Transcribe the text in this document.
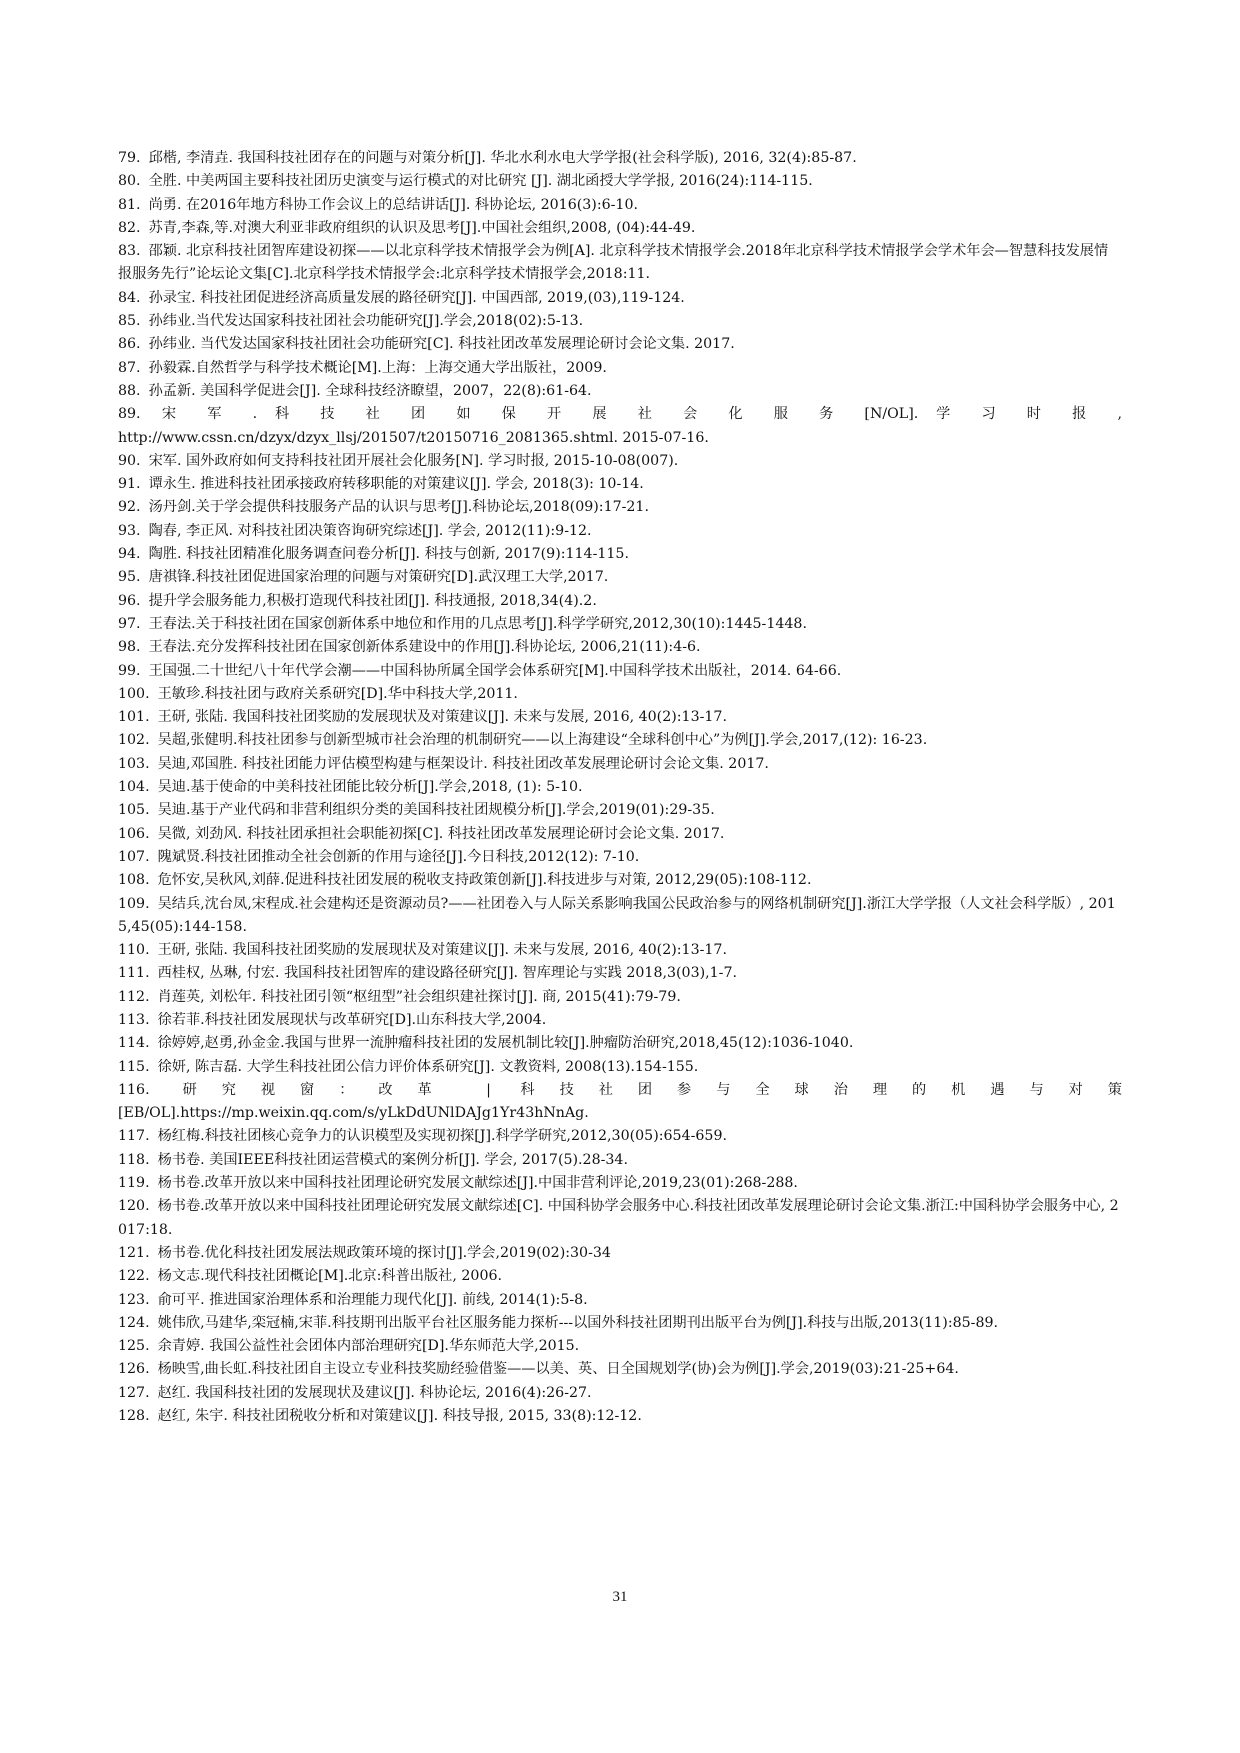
79. 邱楷, 李清垚. 我国科技社团存在的问题与对策分析[J]. 华北水利水电大学学报(社会科学版), 2016, 32(4):85-87.

80. 全胜. 中美两国主要科技社团历史演变与运行模式的对比研究 [J]. 湖北函授大学学报, 2016(24):114-115.

81. 尚勇. 在2016年地方科协工作会议上的总结讲话[J]. 科协论坛, 2016(3):6-10.

82. 苏青,李森,等.对澳大利亚非政府组织的认识及思考[J].中国社会组织,2008, (04):44-49.

83. 邵颖. 北京科技社团智库建设初探——以北京科学技术情报学会为例[A]. 北京科学技术情报学会.2018年北京科学技术情报学会学术年会—智慧科技发展情报服务先行”论坛论文集[C].北京科学技术情报学会:北京科学技术情报学会,2018:11.

84. 孙录宝. 科技社团促进经济高质量发展的路径研究[J]. 中国西部, 2019,(03),119-124.

85. 孙纬业.当代发达国家科技社团社会功能研究[J].学会,2018(02):5-13.

86. 孙纬业. 当代发达国家科技社团社会功能研究[C]. 科技社团改革发展理论研讨会论文集. 2017.

87. 孙毅霖.自然哲学与科学技术概论[M].上海：上海交通大学出版社，2009.

88. 孙孟新. 美国科学促进会[J]. 全球科技经济瞭望，2007，22(8):61-64.

89. 宋 军 . 科 技 社 团 如 保 开 展 社 会 化 服 务 [N/OL]. 学 习 时 报 ,

http://www.cssn.cn/dzyx/dzyx_llsj/201507/t20150716_2081365.shtml. 2015-07-16.

90. 宋军. 国外政府如何支持科技社团开展社会化服务[N]. 学习时报, 2015-10-08(007).

91. 谭永生. 推进科技社团承接政府转移职能的对策建议[J]. 学会, 2018(3): 10-14.

92. 汤丹剑.关于学会提供科技服务产品的认识与思考[J].科协论坛,2018(09):17-21.

93. 陶春, 李正风. 对科技社团决策咨询研究综述[J]. 学会, 2012(11):9-12.

94. 陶胜. 科技社团精准化服务调查问卷分析[J]. 科技与创新, 2017(9):114-115.

95. 唐祺锋.科技社团促进国家治理的问题与对策研究[D].武汉理工大学,2017.

96. 提升学会服务能力,积极打造现代科技社团[J]. 科技通报, 2018,34(4).2.

97. 王春法.关于科技社团在国家创新体系中地位和作用的几点思考[J].科学学研究,2012,30(10):1445-1448.

98. 王春法.充分发挥科技社团在国家创新体系建设中的作用[J].科协论坛, 2006,21(11):4-6.

99. 王国强.二十世纪八十年代学会潮——中国科协所属全国学会体系研究[M].中国科学技术出版社，2014. 64-66.

100. 王敏珍.科技社团与政府关系研究[D].华中科技大学,2011.

101. 王研, 张陆. 我国科技社团奖励的发展现状及对策建议[J]. 未来与发展, 2016, 40(2):13-17.

102. 吴超,张健明.科技社团参与创新型城市社会治理的机制研究——以上海建设“全球科创中心”为例[J].学会,2017,(12): 16-23.

103. 吴迪,邓国胜. 科技社团能力评估模型构建与框架设计. 科技社团改革发展理论研讨会论文集. 2017.

104. 吴迪.基于使命的中美科技社团能比较分析[J].学会,2018, (1): 5-10.

105. 吴迪.基于产业代码和非营利组织分类的美国科技社团规模分析[J].学会,2019(01):29-35.

106. 吴微, 刘劲风. 科技社团承担社会职能初探[C]. 科技社团改革发展理论研讨会论文集. 2017.

107. 隗斌贤.科技社团推动全社会创新的作用与途径[J].今日科技,2012(12): 7-10.

108. 危怀安,吴秋风,刘薛.促进科技社团发展的税收支持政策创新[J].科技进步与对策, 2012,29(05):108-112.

109. 吴结兵,沈台凤,宋程成.社会建构还是资源动员?——社团卷入与人际关系影响我国公民政治参与的网络机制研究[J].浙江大学学报（人文社会科学版）, 2015,45(05):144-158.

110. 王研, 张陆. 我国科技社团奖励的发展现状及对策建议[J]. 未来与发展, 2016, 40(2):13-17.

111. 西桂权, 丛琳, 付宏. 我国科技社团智库的建设路径研究[J]. 智库理论与实践 2018,3(03),1-7.

112. 肖莲英, 刘松年. 科技社团引领“枢纽型”社会组织建社探讨[J]. 商, 2015(41):79-79.

113. 徐若菲.科技社团发展现状与改革研究[D].山东科技大学,2004.

114. 徐婷婷,赵勇,孙金金.我国与世界一流肿瘤科技社团的发展机制比较[J].肿瘤防治研究,2018,45(12):1036-1040.

115. 徐妍, 陈吉磊. 大学生科技社团公信力评价体系研究[J]. 文教资料, 2008(13).154-155.

116. 研究视窗：改革 | 科技社团参与全球治理的机遇与对策

[EB/OL].https://mp.weixin.qq.com/s/yLkDdUNlDAJg1Yr43hNnAg.

117. 杨红梅.科技社团核心竞争力的认识模型及实现初探[J].科学学研究,2012,30(05):654-659.

118. 杨书卷. 美国IEEE科技社团运营模式的案例分析[J]. 学会, 2017(5).28-34.

119. 杨书卷.改革开放以来中国科技社团理论研究发展文献综述[J].中国非营利评论,2019,23(01):268-288.

120. 杨书卷.改革开放以来中国科技社团理论研究发展文献综述[C]. 中国科协学会服务中心.科技社团改革发展理论研讨会论文集.浙江:中国科协学会服务中心, 2017:18.

121. 杨书卷.优化科技社团发展法规政策环境的探讨[J].学会,2019(02):30-34

122. 杨文志.现代科技社团概论[M].北京:科普出版社, 2006.

123. 俞可平. 推进国家治理体系和治理能力现代化[J]. 前线, 2014(1):5-8.

124. 姚伟欣,马建华,栾冠楠,宋菲.科技期刊出版平台社区服务能力探析---以国外科技社团期刊出版平台为例[J].科技与出版,2013(11):85-89.

125. 余青婷. 我国公益性社会团体内部治理研究[D].华东师范大学,2015.

126. 杨映雪,曲长虹.科技社团自主设立专业科技奖励经验借鉴——以美、英、日全国规划学(协)会为例[J].学会,2019(03):21-25+64.

127. 赵红. 我国科技社团的发展现状及建议[J]. 科协论坛, 2016(4):26-27.

128. 赵红, 朱宇. 科技社团税收分析和对策建议[J]. 科技导报, 2015, 33(8):12-12.

31
